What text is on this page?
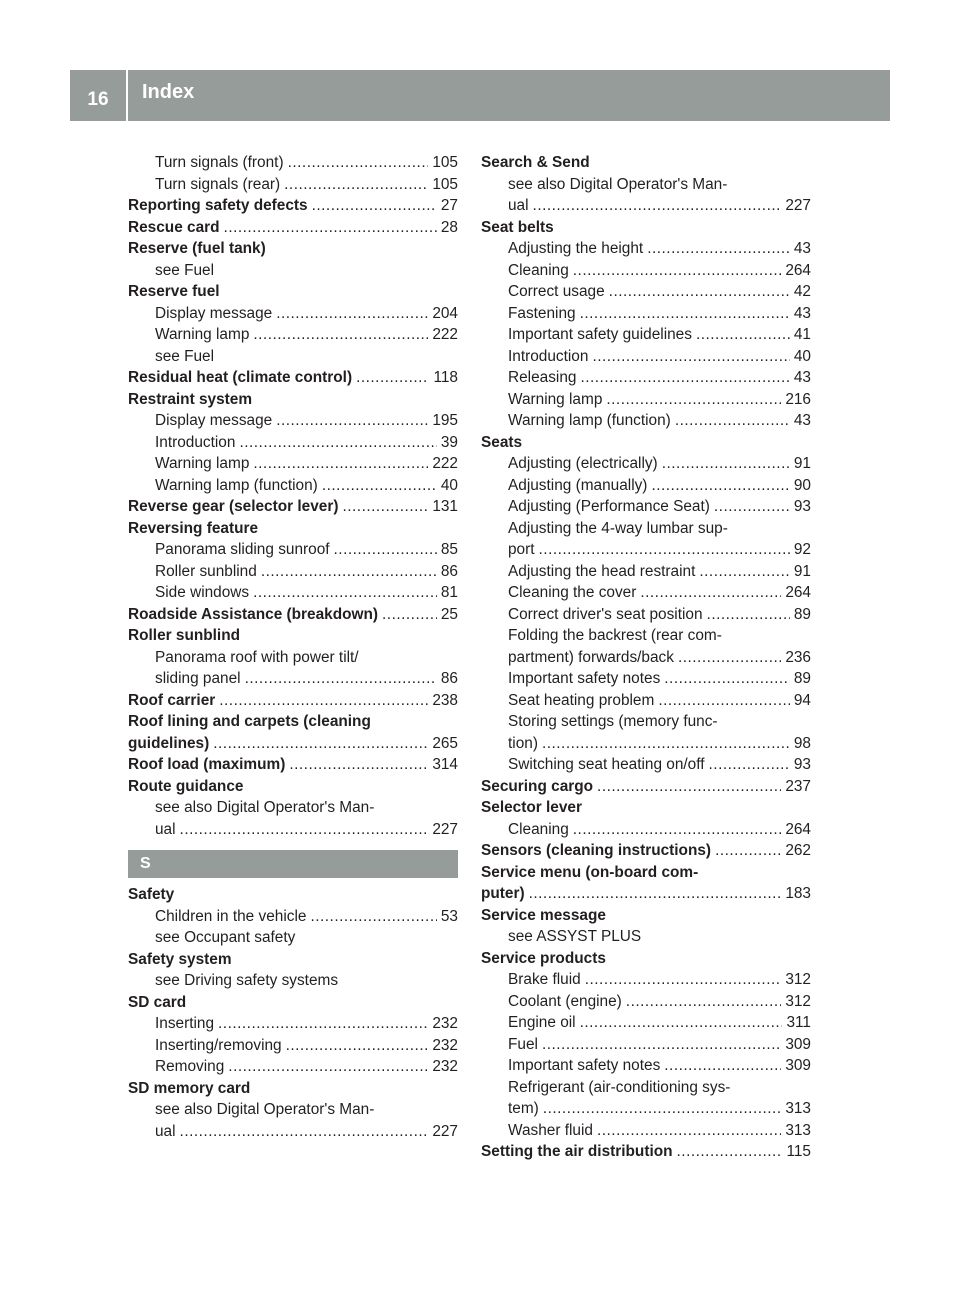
16	Index
Turn signals (front) .....	105
Turn signals (rear) .....	105
Reporting safety defects .....	27
Rescue card .....	28
Reserve (fuel tank)
see Fuel
Reserve fuel
Display message .....	204
Warning lamp .....	222
see Fuel
Residual heat (climate control) .....	118
Restraint system
Display message .....	195
Introduction .....	39
Warning lamp .....	222
Warning lamp (function) .....	40
Reverse gear (selector lever) .....	131
Reversing feature
Panorama sliding sunroof .....	85
Roller sunblind .....	86
Side windows .....	81
Roadside Assistance (breakdown) .....	25
Roller sunblind
Panorama roof with power tilt/
sliding panel .....	86
Roof carrier .....	238
Roof lining and carpets (cleaning
guidelines) .....	265
Roof load (maximum) .....	314
Route guidance
see also Digital Operator's Man-
ual .....	227
S
Safety
Children in the vehicle .....	53
see Occupant safety
Safety system
see Driving safety systems
SD card
Inserting .....	232
Inserting/removing .....	232
Removing .....	232
SD memory card
see also Digital Operator's Man-
ual .....	227
Search & Send
see also Digital Operator's Man-
ual .....	227
Seat belts
Adjusting the height .....	43
Cleaning .....	264
Correct usage .....	42
Fastening .....	43
Important safety guidelines .....	41
Introduction .....	40
Releasing .....	43
Warning lamp .....	216
Warning lamp (function) .....	43
Seats
Adjusting (electrically) .....	91
Adjusting (manually) .....	90
Adjusting (Performance Seat) .....	93
Adjusting the 4-way lumbar sup-
port .....	92
Adjusting the head restraint .....	91
Cleaning the cover .....	264
Correct driver's seat position .....	89
Folding the backrest (rear com-
partment) forwards/back .....	236
Important safety notes .....	89
Seat heating problem .....	94
Storing settings (memory func-
tion) .....	98
Switching seat heating on/off .....	93
Securing cargo .....	237
Selector lever
Cleaning .....	264
Sensors (cleaning instructions) .....	262
Service menu (on-board com-
puter) .....	183
Service message
see ASSYST PLUS
Service products
Brake fluid .....	312
Coolant (engine) .....	312
Engine oil .....	311
Fuel .....	309
Important safety notes .....	309
Refrigerant (air-conditioning sys-
tem) .....	313
Washer fluid .....	313
Setting the air distribution .....	115
